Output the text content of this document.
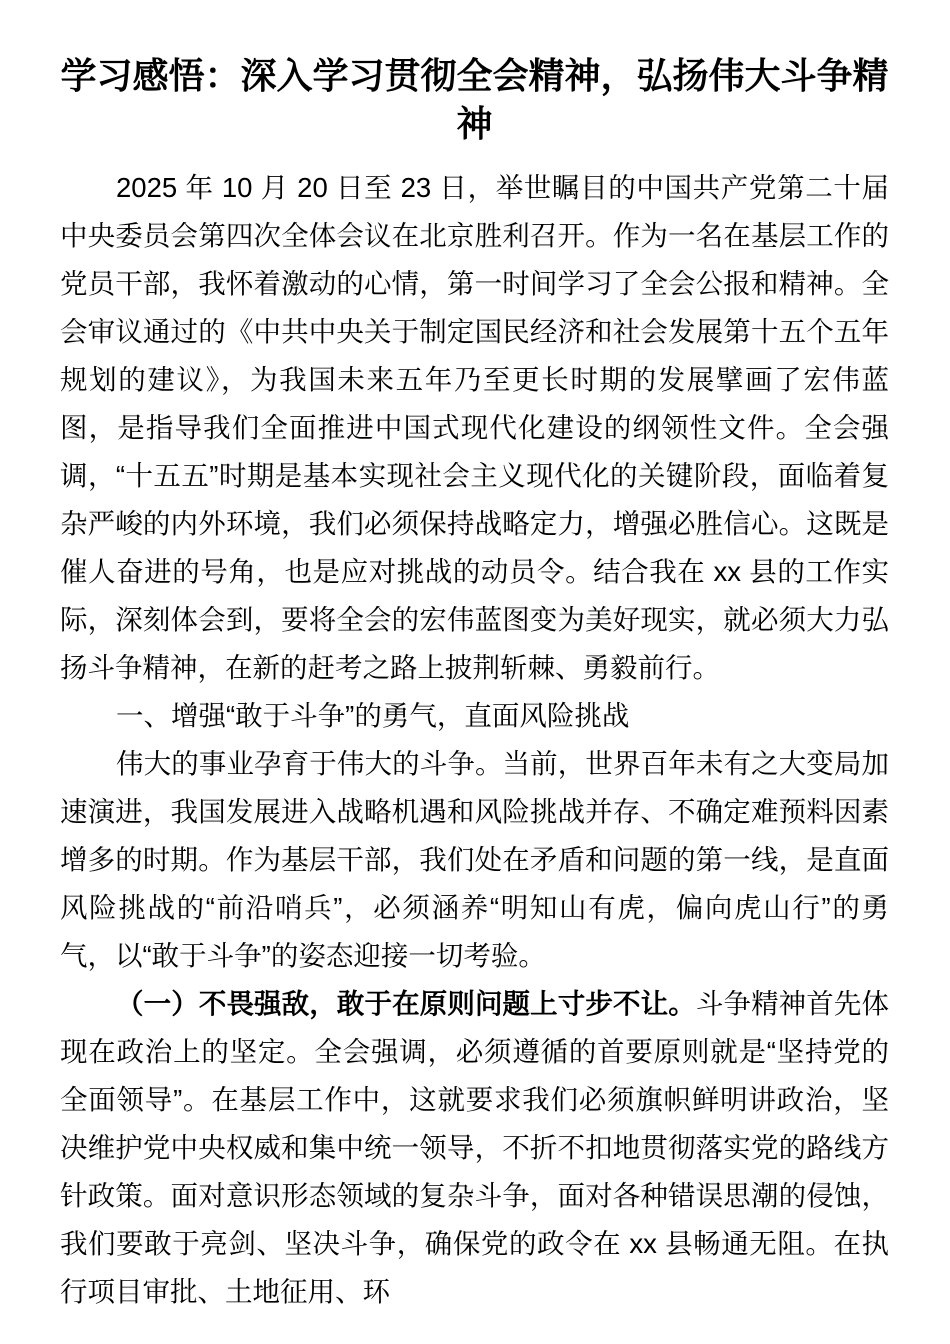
学习感悟：深入学习贯彻全会精神，弘扬伟大斗争精神

2025 年 10 月 20 日至 23 日，举世瞩目的中国共产党第二十届中央委员会第四次全体会议在北京胜利召开。作为一名在基层工作的党员干部，我怀着激动的心情，第一时间学习了全会公报和精神。全会审议通过的《中共中央关于制定国民经济和社会发展第十五个五年规划的建议》，为我国未来五年乃至更长时期的发展擘画了宏伟蓝图，是指导我们全面推进中国式现代化建设的纲领性文件。全会强调，“十五五”时期是基本实现社会主义现代化的关键阶段，面临着复杂严峻的内外环境，我们必须保持战略定力，增强必胜信心。这既是催人奋进的号角，也是应对挑战的动员令。结合我在 xx 县的工作实际，深刻体会到，要将全会的宏伟蓝图变为美好现实，就必须大力弘扬斗争精神，在新的赶考之路上披荆斩棘、勇毅前行。

一、增强“敢于斗争”的勇气，直面风险挑战

伟大的事业孕育于伟大的斗争。当前，世界百年未有之大变局加速演进，我国发展进入战略机遇和风险挑战并存、不确定难预料因素增多的时期。作为基层干部，我们处在矛盾和问题的第一线，是直面风险挑战的“前沿哨兵”，必须涵养“明知山有虎，偏向虎山行”的勇气，以“敢于斗争”的姿态迎接一切考验。

（一）不畏强敌，敢于在原则问题上寸步不让。斗争精神首先体现在政治上的坚定。全会强调，必须遵循的首要原则就是“坚持党的全面领导”。在基层工作中，这就要求我们必须旗帜鲜明讲政治，坚决维护党中央权威和集中统一领导，不折不扣地贯彻落实党的路线方针政策。面对意识形态领域的复杂斗争，面对各种错误思潮的侵蚀，我们要敢于亮剑、坚决斗争，确保党的政令在 xx 县畅通无阻。在执行项目审批、土地征用、环
